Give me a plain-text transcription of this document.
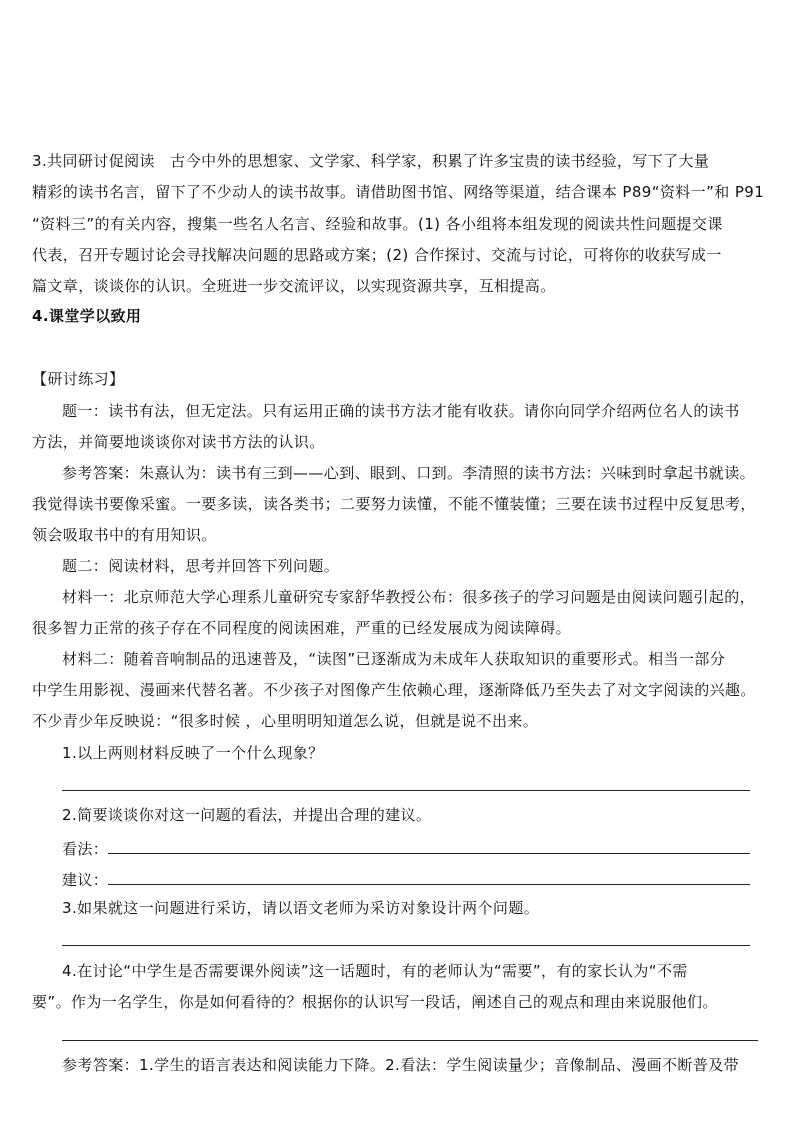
3.共同研讨促阅读　古今中外的思想家、文学家、科学家，积累了许多宝贵的读书经验，写下了大量
精彩的读书名言，留下了不少动人的读书故事。请借助图书馆、网络等渠道，结合课本 P89“资料一”和 P91
“资料三”的有关内容，搜集一些名人名言、经验和故事。(1) 各小组将本组发现的阅读共性问题提交课
代表，召开专题讨论会寻找解决问题的思路或方案；(2) 合作探讨、交流与讨论，可将你的收获写成一
篇文章，谈谈你的认识。全班进一步交流评议，以实现资源共享，互相提高。
4.课堂学以致用
【研讨练习】
题一：读书有法，但无定法。只有运用正确的读书方法才能有收获。请你向同学介绍两位名人的读书
方法，并简要地谈谈你对读书方法的认识。
参考答案：朱熹认为：读书有三到——心到、眼到、口到。李清照的读书方法：兴味到时拿起书就读。
我觉得读书要像采蜜。一要多读，读各类书；二要努力读懂，不能不懂装懂；三要在读书过程中反复思考，
领会吸取书中的有用知识。
题二：阅读材料，思考并回答下列问题。
材料一：北京师范大学心理系儿童研究专家舒华教授公布：很多孩子的学习问题是由阅读问题引起的，
很多智力正常的孩子存在不同程度的阅读困难，严重的已经发展成为阅读障碍。
材料二：随着音响制品的迅速普及，“读图”已逐渐成为未成年人获取知识的重要形式。相当一部分
中学生用影视、漫画来代替名著。不少孩子对图像产生依赖心理，逐渐降低乃至失去了对文字阅读的兴趣。
不少青少年反映说：“很多时候 ，心里明明知道怎么说，但就是说不出来。
1.以上两则材料反映了一个什么现象？
2.简要谈谈你对这一问题的看法，并提出合理的建议。
看法：
建议：
3.如果就这一问题进行采访，请以语文老师为采访对象设计两个问题。
4.在讨论“中学生是否需要课外阅读”这一话题时，有的老师认为“需要”，有的家长认为“不需
要”。作为一名学生，你是如何看待的？根据你的认识写一段话，阐述自己的观点和理由来说服他们。
参考答案：1.学生的语言表达和阅读能力下降。2.看法：学生阅读量少；音像制品、漫画不断普及带
